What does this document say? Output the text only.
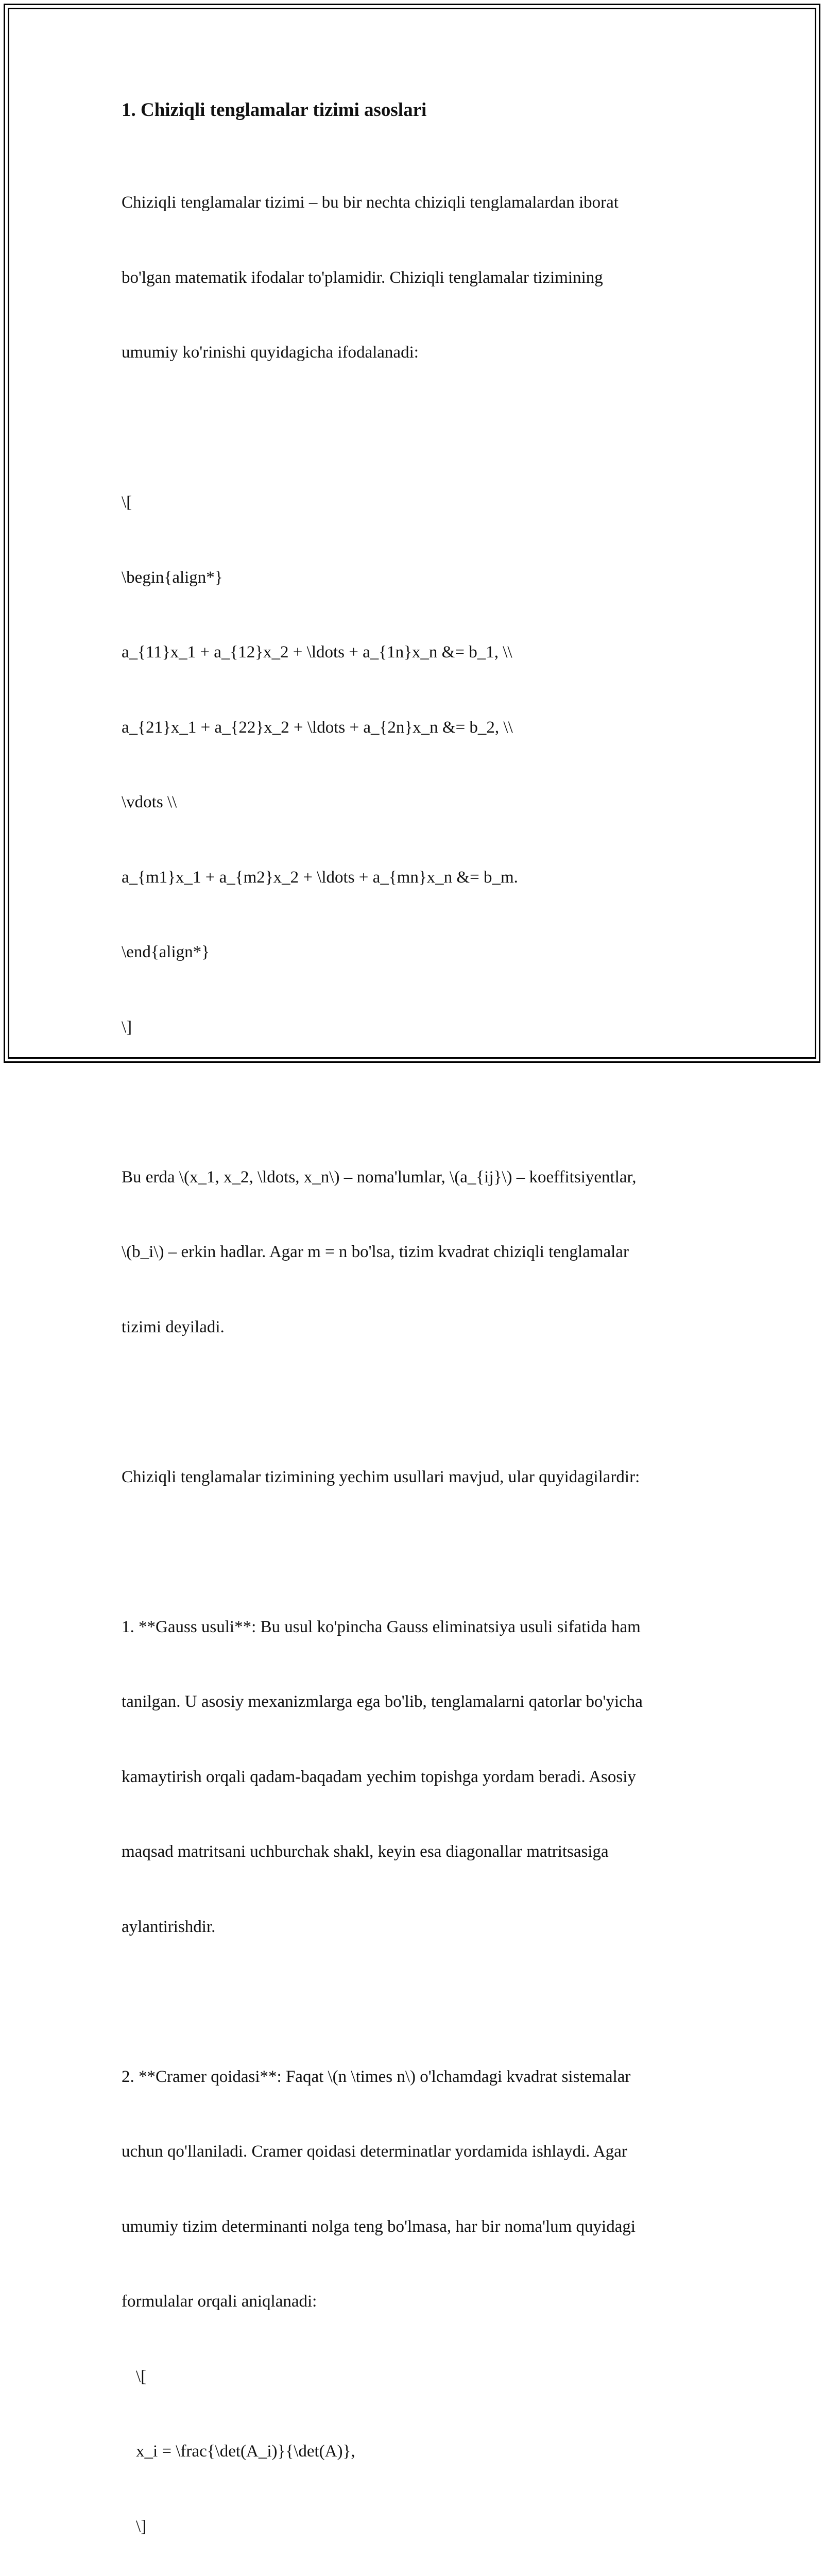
1. Chiziqli tenglamalar tizimi asoslari

Chiziqli tenglamalar tizimi – bu bir nechta chiziqli tenglamalardan iborat

bo'lgan matematik ifodalar to'plamidir. Chiziqli tenglamalar tizimining

umumiy ko'rinishi quyidagicha ifodalanadi:

\[

\begin{align*}

a_{11}x_1 + a_{12}x_2 + \ldots + a_{1n}x_n &= b_1, \\

a_{21}x_1 + a_{22}x_2 + \ldots + a_{2n}x_n &= b_2, \\

\vdots \\

a_{m1}x_1 + a_{m2}x_2 + \ldots + a_{mn}x_n &= b_m.

\end{align*}

\]

Bu erda \(x_1, x_2, \ldots, x_n\) – noma'lumlar, \(a_{ij}\) – koeffitsiyentlar,

\(b_i\) – erkin hadlar. Agar m = n bo'lsa, tizim kvadrat chiziqli tenglamalar

tizimi deyiladi.

Chiziqli tenglamalar tizimining yechim usullari mavjud, ular quyidagilardir:

1. **Gauss usuli**: Bu usul ko'pincha Gauss eliminatsiya usuli sifatida ham

tanilgan. U asosiy mexanizmlarga ega bo'lib, tenglamalarni qatorlar bo'yicha

kamaytirish orqali qadam-baqadam yechim topishga yordam beradi. Asosiy

maqsad matritsani uchburchak shakl, keyin esa diagonallar matritsasiga

aylantirishdir.

2. **Cramer qoidasi**: Faqat \(n \times n\) o'lchamdagi kvadrat sistemalar

uchun qo'llaniladi. Cramer qoidasi determinatlar yordamida ishlaydi. Agar

umumiy tizim determinanti nolga teng bo'lmasa, har bir noma'lum quyidagi

formulalar orqali aniqlanadi:

\[

x_i = \frac{\det(A_i)}{\det(A)},

\]
